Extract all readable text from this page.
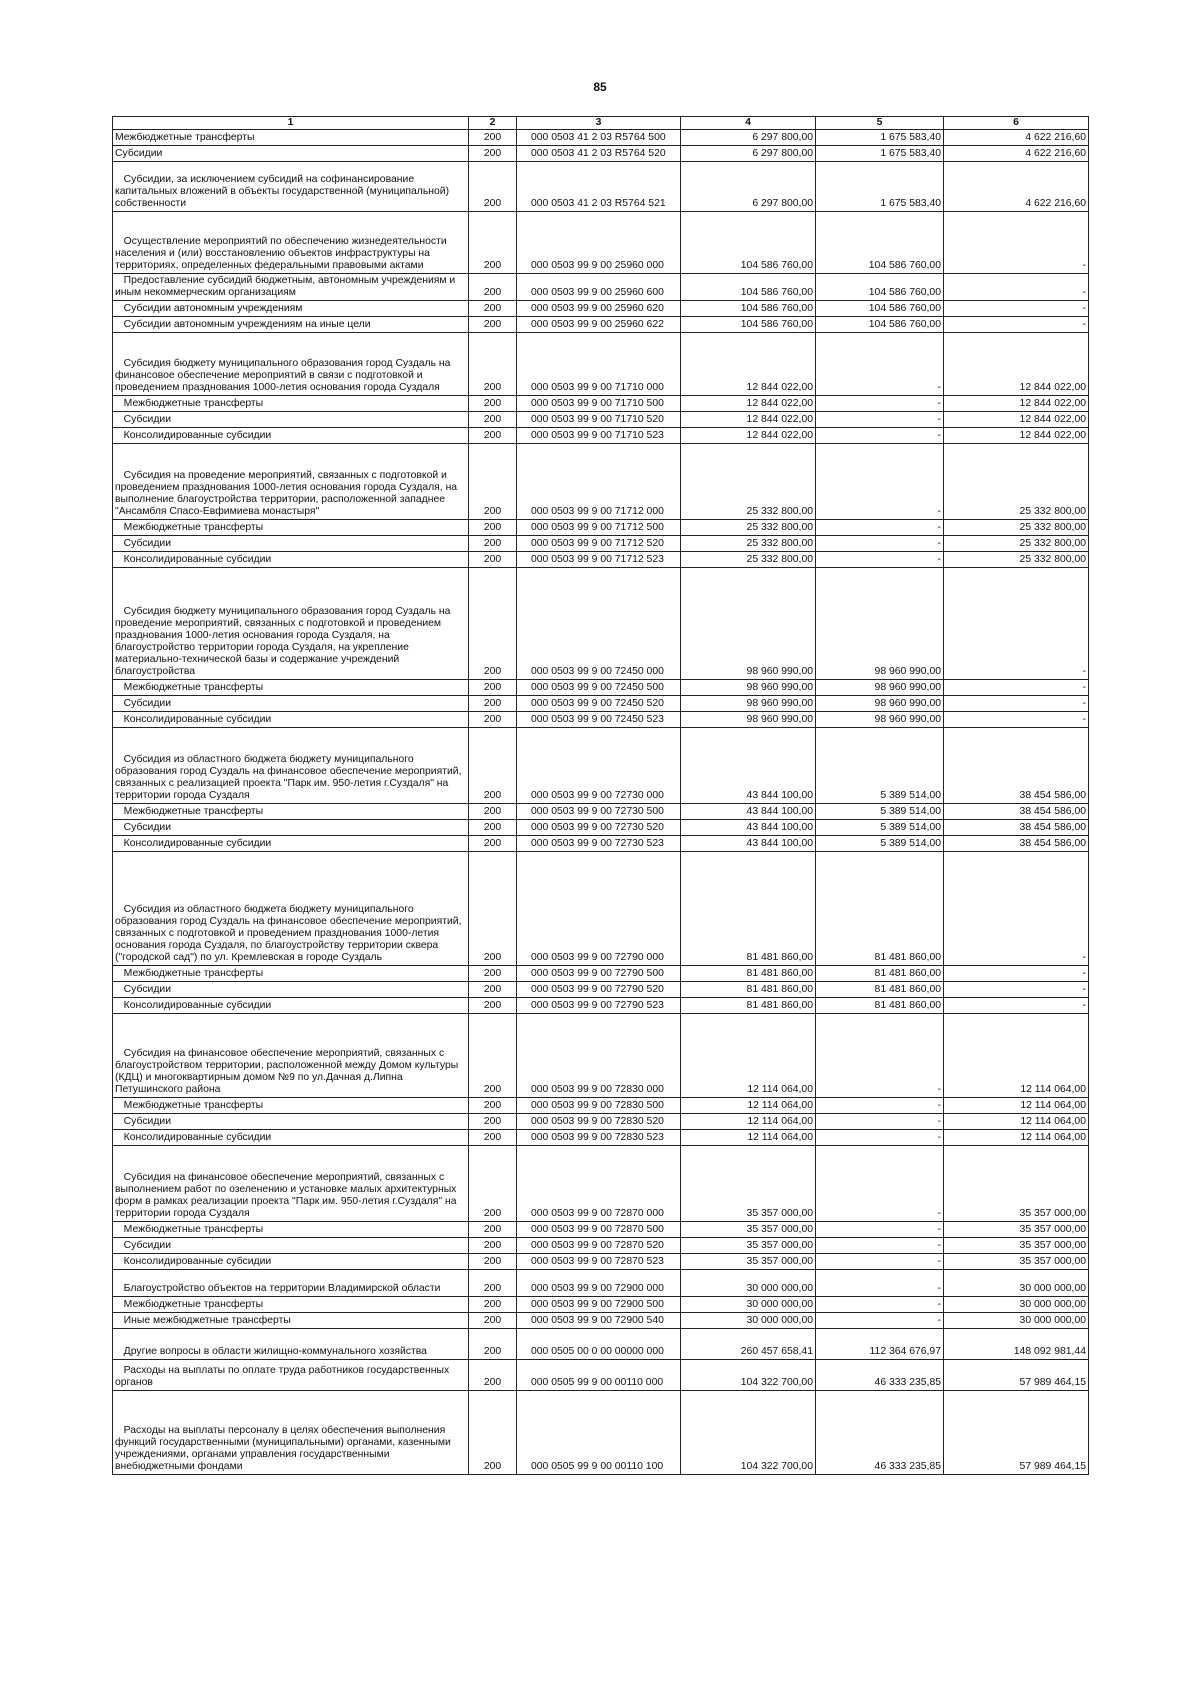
85
1	2	3	4	5	6
Межбюджетные трансферты	200	000 0503 41 2 03 R5764 500	6 297 800,00	1 675 583,40	4 622 216,60
Субсидии	200	000 0503 41 2 03 R5764 520	6 297 800,00	1 675 583,40	4 622 216,60
Субсидии, за исключением субсидий на софинансирование капитальных вложений в объекты государственной (муниципальной) собственности	200	000 0503 41 2 03 R5764 521	6 297 800,00	1 675 583,40	4 622 216,60
Осуществление мероприятий по обеспечению жизнедеятельности населения и (или) восстановлению объектов инфраструктуры на территориях, определенных федеральными правовыми актами	200	000 0503 99 9 00 25960 000	104 586 760,00	104 586 760,00	-
Предоставление субсидий бюджетным, автономным учреждениям и иным некоммерческим организациям	200	000 0503 99 9 00 25960 600	104 586 760,00	104 586 760,00	-
Субсидии автономным учреждениям	200	000 0503 99 9 00 25960 620	104 586 760,00	104 586 760,00	-
Субсидии автономным учреждениям на иные цели	200	000 0503 99 9 00 25960 622	104 586 760,00	104 586 760,00	-
Субсидия бюджету муниципального образования город Суздаль на финансовое обеспечение мероприятий в связи с подготовкой и проведением празднования 1000-летия основания города Суздаля	200	000 0503 99 9 00 71710 000	12 844 022,00	-	12 844 022,00
Межбюджетные трансферты	200	000 0503 99 9 00 71710 500	12 844 022,00	-	12 844 022,00
Субсидии	200	000 0503 99 9 00 71710 520	12 844 022,00	-	12 844 022,00
Консолидированные субсидии	200	000 0503 99 9 00 71710 523	12 844 022,00	-	12 844 022,00
Субсидия на проведение мероприятий, связанных с подготовкой и проведением празднования 1000-летия основания города Суздаля, на выполнение благоустройства территории, расположенной западнее "Ансамбля Спасо-Евфимиева монастыря"	200	000 0503 99 9 00 71712 000	25 332 800,00	-	25 332 800,00
Межбюджетные трансферты	200	000 0503 99 9 00 71712 500	25 332 800,00	-	25 332 800,00
Субсидии	200	000 0503 99 9 00 71712 520	25 332 800,00	-	25 332 800,00
Консолидированные субсидии	200	000 0503 99 9 00 71712 523	25 332 800,00	-	25 332 800,00
Субсидия бюджету муниципального образования город Суздаль на проведение мероприятий, связанных с подготовкой и проведением празднования 1000-летия основания города Суздаля, на благоустройство территории города Суздаля, на укрепление материально-технической базы и содержание учреждений благоустройства	200	000 0503 99 9 00 72450 000	98 960 990,00	98 960 990,00	-
Межбюджетные трансферты	200	000 0503 99 9 00 72450 500	98 960 990,00	98 960 990,00	-
Субсидии	200	000 0503 99 9 00 72450 520	98 960 990,00	98 960 990,00	-
Консолидированные субсидии	200	000 0503 99 9 00 72450 523	98 960 990,00	98 960 990,00	-
Субсидия из областного бюджета бюджету муниципального образования город Суздаль на финансовое обеспечение мероприятий, связанных с реализацией проекта "Парк им. 950-летия г.Суздаля" на территории города Суздаля	200	000 0503 99 9 00 72730 000	43 844 100,00	5 389 514,00	38 454 586,00
Межбюджетные трансферты	200	000 0503 99 9 00 72730 500	43 844 100,00	5 389 514,00	38 454 586,00
Субсидии	200	000 0503 99 9 00 72730 520	43 844 100,00	5 389 514,00	38 454 586,00
Консолидированные субсидии	200	000 0503 99 9 00 72730 523	43 844 100,00	5 389 514,00	38 454 586,00
Субсидия из областного бюджета бюджету муниципального образования город Суздаль на финансовое обеспечение мероприятий, связанных с подготовкой и проведением празднования 1000-летия основания города Суздаля, по благоустройству территории сквера ("городской сад") по ул. Кремлевская в городе Суздаль	200	000 0503 99 9 00 72790 000	81 481 860,00	81 481 860,00	-
Межбюджетные трансферты	200	000 0503 99 9 00 72790 500	81 481 860,00	81 481 860,00	-
Субсидии	200	000 0503 99 9 00 72790 520	81 481 860,00	81 481 860,00	-
Консолидированные субсидии	200	000 0503 99 9 00 72790 523	81 481 860,00	81 481 860,00	-
Субсидия на финансовое обеспечение мероприятий, связанных с благоустройством территории, расположенной между Домом культуры (КДЦ) и многоквартирным домом №9 по ул.Дачная д.Липна Петушинского района	200	000 0503 99 9 00 72830 000	12 114 064,00	-	12 114 064,00
Межбюджетные трансферты	200	000 0503 99 9 00 72830 500	12 114 064,00	-	12 114 064,00
Субсидии	200	000 0503 99 9 00 72830 520	12 114 064,00	-	12 114 064,00
Консолидированные субсидии	200	000 0503 99 9 00 72830 523	12 114 064,00	-	12 114 064,00
Субсидия на финансовое обеспечение мероприятий, связанных с выполнением работ по озеленению и установке малых архитектурных форм в рамках реализации проекта "Парк им. 950-летия г.Суздаля" на территории города Суздаля	200	000 0503 99 9 00 72870 000	35 357 000,00	-	35 357 000,00
Межбюджетные трансферты	200	000 0503 99 9 00 72870 500	35 357 000,00	-	35 357 000,00
Субсидии	200	000 0503 99 9 00 72870 520	35 357 000,00	-	35 357 000,00
Консолидированные субсидии	200	000 0503 99 9 00 72870 523	35 357 000,00	-	35 357 000,00
Благоустройство объектов на территории Владимирской области	200	000 0503 99 9 00 72900 000	30 000 000,00	-	30 000 000,00
Межбюджетные трансферты	200	000 0503 99 9 00 72900 500	30 000 000,00	-	30 000 000,00
Иные межбюджетные трансферты	200	000 0503 99 9 00 72900 540	30 000 000,00	-	30 000 000,00
Другие вопросы в области жилищно-коммунального хозяйства	200	000 0505 00 0 00 00000 000	260 457 658,41	112 364 676,97	148 092 981,44
Расходы на выплаты по оплате труда работников государственных органов	200	000 0505 99 9 00 00110 000	104 322 700,00	46 333 235,85	57 989 464,15
Расходы на выплаты персоналу в целях обеспечения выполнения функций государственными (муниципальными) органами, казенными учреждениями, органами управления государственными внебюджетными фондами	200	000 0505 99 9 00 00110 100	104 322 700,00	46 333 235,85	57 989 464,15
